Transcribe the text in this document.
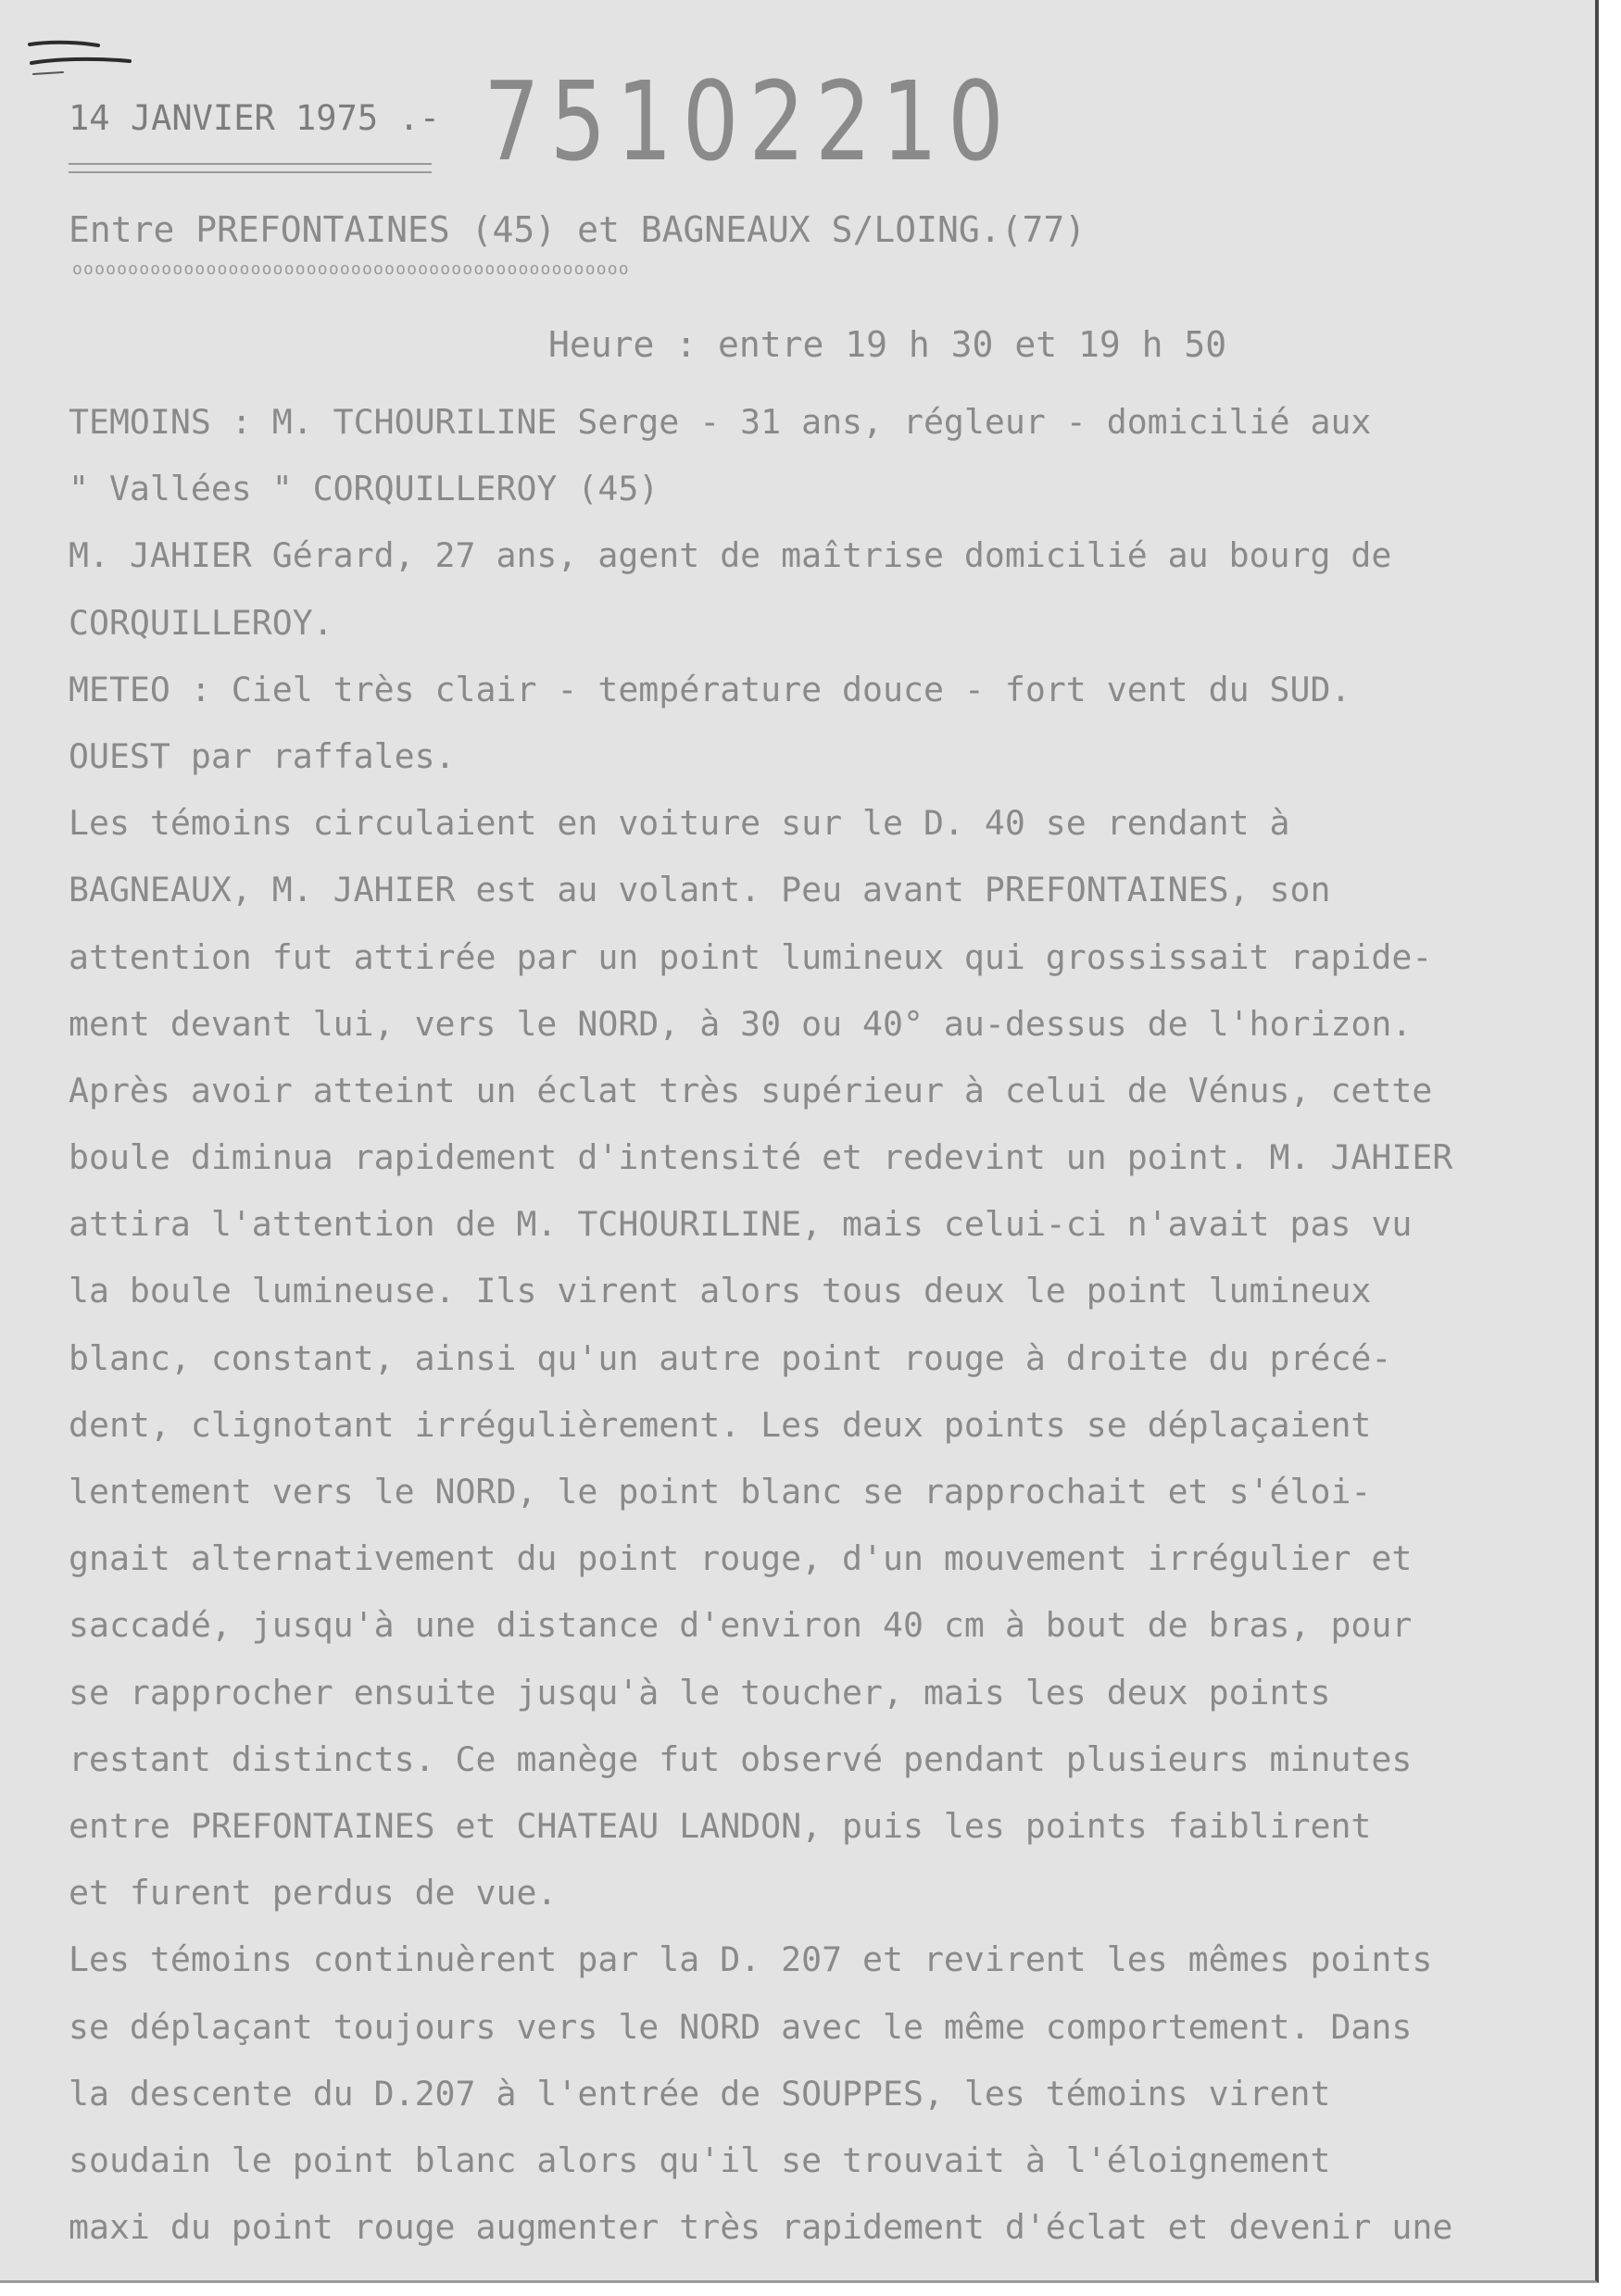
14 JANVIER 1975 .- 75102210

Entre PREFONTAINES (45) et BAGNEAUX S/LOING.(77)

oooooooooooooooooooooooooooooooooooooooooooooooooo

Heure : entre 19 h 30 et 19 h 50

TEMOINS : M. TCHOURILINE Serge - 31 ans, régleur - domicilié aux
" Vallées " CORQUILLEROY (45)
M. JAHIER Gérard, 27 ans, agent de maîtrise domicilié au bourg de
CORQUILLEROY.
METEO : Ciel très clair - température douce - fort vent du SUD.
OUEST par raffales.
Les témoins circulaient en voiture sur le D. 40 se rendant à
BAGNEAUX, M. JAHIER est au volant. Peu avant PREFONTAINES, son
attention fut attirée par un point lumineux qui grossissait rapide-
ment devant lui, vers le NORD, à 30 ou 40° au-dessus de l'horizon.
Après avoir atteint un éclat très supérieur à celui de Vénus, cette
boule diminua rapidement d'intensité et redevint un point. M. JAHIER
attira l'attention de M. TCHOURILINE, mais celui-ci n'avait pas vu
la boule lumineuse. Ils virent alors tous deux le point lumineux
blanc, constant, ainsi qu'un autre point rouge à droite du précé-
dent, clignotant irrégulièrement. Les deux points se déplaçaient
lentement vers le NORD, le point blanc se rapprochait et s'éloi-
gnait alternativement du point rouge, d'un mouvement irrégulier et
saccadé, jusqu'à une distance d'environ 40 cm à bout de bras, pour
se rapprocher ensuite jusqu'à le toucher, mais les deux points
restant distincts. Ce manège fut observé pendant plusieurs minutes
entre PREFONTAINES et CHATEAU LANDON, puis les points faiblirent
et furent perdus de vue.
Les témoins continuèrent par la D. 207 et revirent les mêmes points
se déplaçant toujours vers le NORD avec le même comportement. Dans
la descente du D.207 à l'entrée de SOUPPES, les témoins virent
soudain le point blanc alors qu'il se trouvait à l'éloignement
maxi du point rouge augmenter très rapidement d'éclat et devenir une
